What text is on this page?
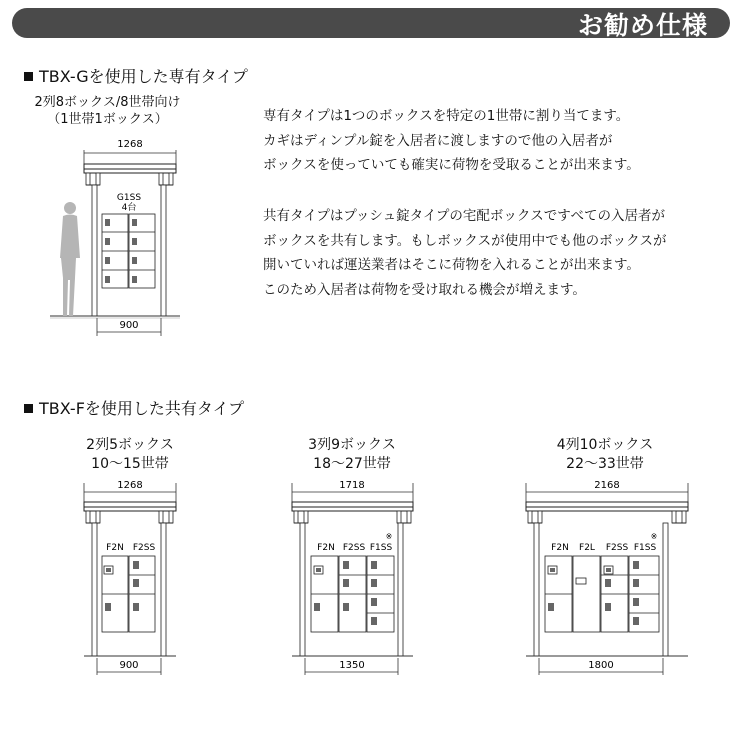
お勧め仕様
TBX-Gを使用した専有タイプ
2列8ボックス/8世帯向け
（1世帯1ボックス）
1268
G1SS
4台
900
1268
F2N F2SS
900
1718
F2N F2SS F1SS
※
1350
2168
F2N F2L F2SS F1SS
※
1800
専有タイプは1つのボックスを特定の1世帯に割り当てます。
カギはディンプル錠を入居者に渡しますので他の入居者が
ボックスを使っていても確実に荷物を受取ることが出来ます。
共有タイプはプッシュ錠タイプの宅配ボックスですべての入居者が
ボックスを共有します。もしボックスが使用中でも他のボックスが
開いていれば運送業者はそこに荷物を入れることが出来ます。
このため入居者は荷物を受け取れる機会が増えます。
TBX-Fを使用した共有タイプ
2列5ボックス
10〜15世帯
3列9ボックス
18〜27世帯
4列10ボックス
22〜33世帯
